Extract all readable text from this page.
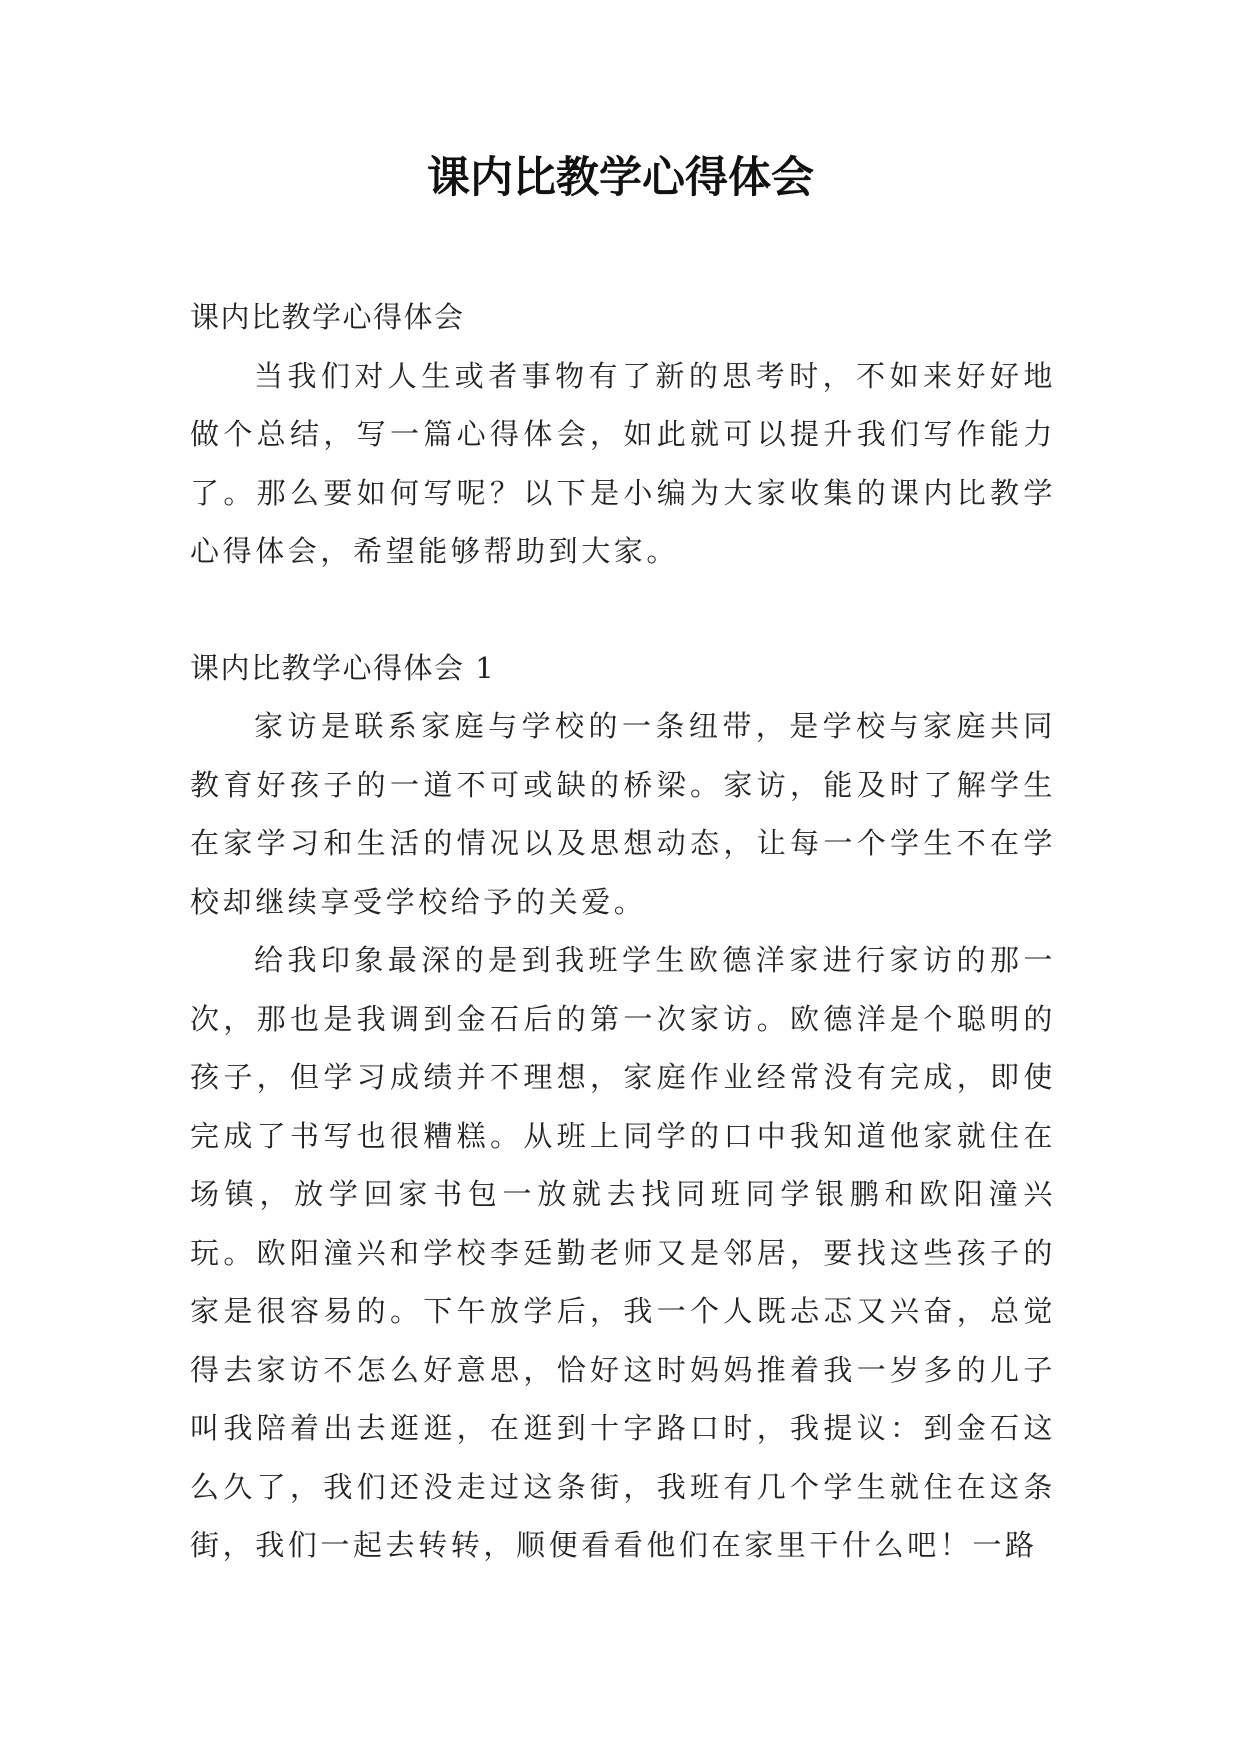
课内比教学心得体会

课内比教学心得体会

当我们对人生或者事物有了新的思考时，不如来好好地做个总结，写一篇心得体会，如此就可以提升我们写作能力了。那么要如何写呢？以下是小编为大家收集的课内比教学心得体会，希望能够帮助到大家。

课内比教学心得体会 1

家访是联系家庭与学校的一条纽带，是学校与家庭共同教育好孩子的一道不可或缺的桥梁。家访，能及时了解学生在家学习和生活的情况以及思想动态，让每一个学生不在学校却继续享受学校给予的关爱。

给我印象最深的是到我班学生欧德洋家进行家访的那一次，那也是我调到金石后的第一次家访。欧德洋是个聪明的孩子，但学习成绩并不理想，家庭作业经常没有完成，即使完成了书写也很糟糕。从班上同学的口中我知道他家就住在场镇，放学回家书包一放就去找同班同学银鹏和欧阳潼兴玩。欧阳潼兴和学校李廷勤老师又是邻居，要找这些孩子的家是很容易的。下午放学后，我一个人既忐忑又兴奋，总觉得去家访不怎么好意思，恰好这时妈妈推着我一岁多的儿子叫我陪着出去逛逛，在逛到十字路口时，我提议：到金石这么久了，我们还没走过这条街，我班有几个学生就住在这条街，我们一起去转转，顺便看看他们在家里干什么吧！一路
